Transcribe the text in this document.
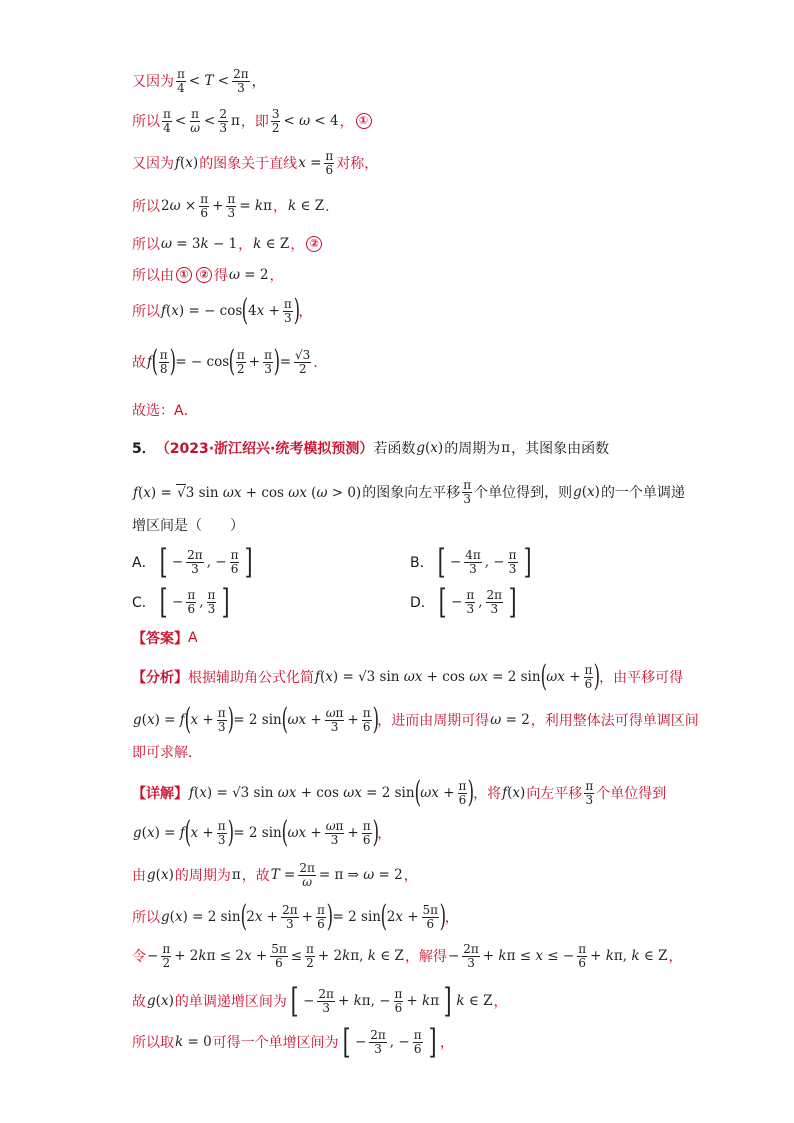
又因为 $\frac{\pi}{4} < T < \frac{2\pi}{3}$ ，
所以 $\frac{\pi}{4} < \frac{\pi}{\omega} < \frac{2}{3}$ π ，即 $\frac{3}{2} < \omega < 4$ ， ①
又因为 f(x) 的图象关于直线 $x = \frac{\pi}{6}$ 对称，
所以 $2\omega \times \frac{\pi}{6} + \frac{\pi}{3} = k\pi$ ， k ∈ Z ．
所以 ω = 3k − 1 ， k ∈ Z ， ②
所以由 ① ② 得 ω = 2 ，
所以 f(x) = − cos ( $4x + \frac{\pi}{3}$ )
，
故 f ( $\frac{\pi}{8}$ ) = − cos ( $\frac{\pi}{2} + \frac{\pi}{3}$ ) = $\frac{√3}{2}$ ．
故选：A．
5． （2023·浙江绍兴·统考模拟预测） 若函数 g(x) 的周期为 π ，其图象由函数
f(x) = √3 sin ωx + cos ωx (ω > 0) 的图象向左平移 $\frac{\pi}{3}$ 个单位得到，则 g(x) 的一个单调递
增区间是（　　）
A． [ − $\frac{2\pi}{3}$ , − $\frac{\pi}{6}$ ]	B． [ − $\frac{4\pi}{3}$ , − $\frac{\pi}{3}$ ]
C． [ − $\frac{\pi}{6}$ , $\frac{\pi}{3}$ ]	D． [ − $\frac{\pi}{3}$ , $\frac{2\pi}{3}$ ]
【答案】 A
【分析】 根据辅助角公式化简 f(x) = √3 sin ωx + cos ωx = 2 sin ( $\omega x + \frac{\pi}{6}$ )
，由平移可得
g(x) = f ( $x + \frac{\pi}{3}$ ) = 2 sin ( $\omega x + \frac{\omega\pi}{3} + \frac{\pi}{6}$ )
，进而由周期可得 ω = 2 ，利用整体法可得单调区间
即可求解．
【详解】 f(x) = √3 sin ωx + cos ωx = 2 sin ( $\omega x + \frac{\pi}{6}$ )
，将 f(x) 向左平移 $\frac{\pi}{3}$ 个单位得到
g(x) = f ( $x + \frac{\pi}{3}$ ) = 2 sin ( $\omega x + \frac{\omega\pi}{3} + \frac{\pi}{6}$ )
，
由 g(x) 的周期为 π ，故 $T = \frac{2\pi}{\omega} = \pi$ ⇒ ω = 2 ，
所以 g(x) = 2 sin ( $2x + \frac{2\pi}{3} + \frac{\pi}{6}$ ) = 2 sin ( $2x + \frac{5\pi}{6}$ )
，
令 − $\frac{\pi}{2} + 2k\pi \le 2x + \frac{5\pi}{6} \le \frac{\pi}{2} + 2k\pi$, k ∈ Z ，解得 − $\frac{2\pi}{3} + k\pi \le x$ ≤ − $\frac{\pi}{6} + k\pi$, k ∈ Z ，
故 g(x) 的单调递增区间为 [ − $\frac{2\pi}{3} + k\pi$, − $\frac{\pi}{6} + k\pi$ ] k ∈ Z ，
所以取 k = 0 可得一个单增区间为 [ − $\frac{2\pi}{3}$ , − $\frac{\pi}{6}$ ] ，
